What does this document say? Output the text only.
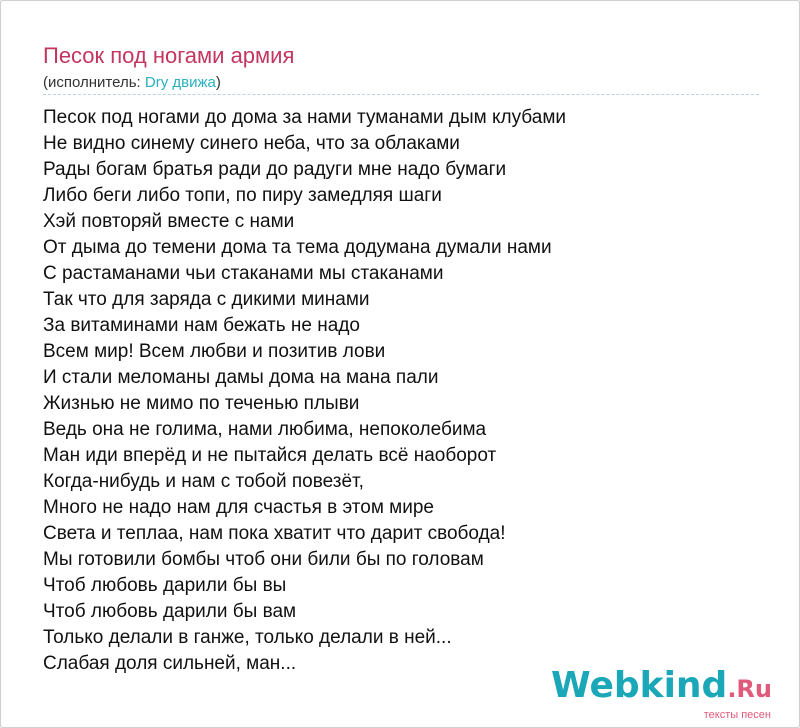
Песок под ногами армия
(исполнитель: Dry движа)
Песок под ногами до дома за нами туманами дым клубами
Не видно синему синего неба, что за облаками
Рады богам братья ради до радуги мне надо бумаги
Либо беги либо топи, по пиру замедляя шаги
Хэй повторяй вместе с нами
От дыма до темени дома та тема додумана думали нами
С растаманами чьи стаканами мы стаканами
Так что для заряда с дикими минами
За витаминами нам бежать не надо
Всем мир! Всем любви и позитив лови
И стали меломаны дамы дома на мана пали
Жизнью не мимо по теченью плыви
Ведь она не голима, нами любима, непоколебима
Ман иди вперёд и не пытайся делать всё наоборот
Когда-нибудь и нам с тобой повезёт,
Много не надо нам для счастья в этом мире
Света и теплаа, нам пока хватит что дарит свобода!
Мы готовили бомбы чтоб они били бы по головам
Чтоб любовь дарили бы вы
Чтоб любовь дарили бы вам
Только делали в ганже, только делали в ней...
Слабая доля сильней, ман...
Webkind.Ru
тексты песен
